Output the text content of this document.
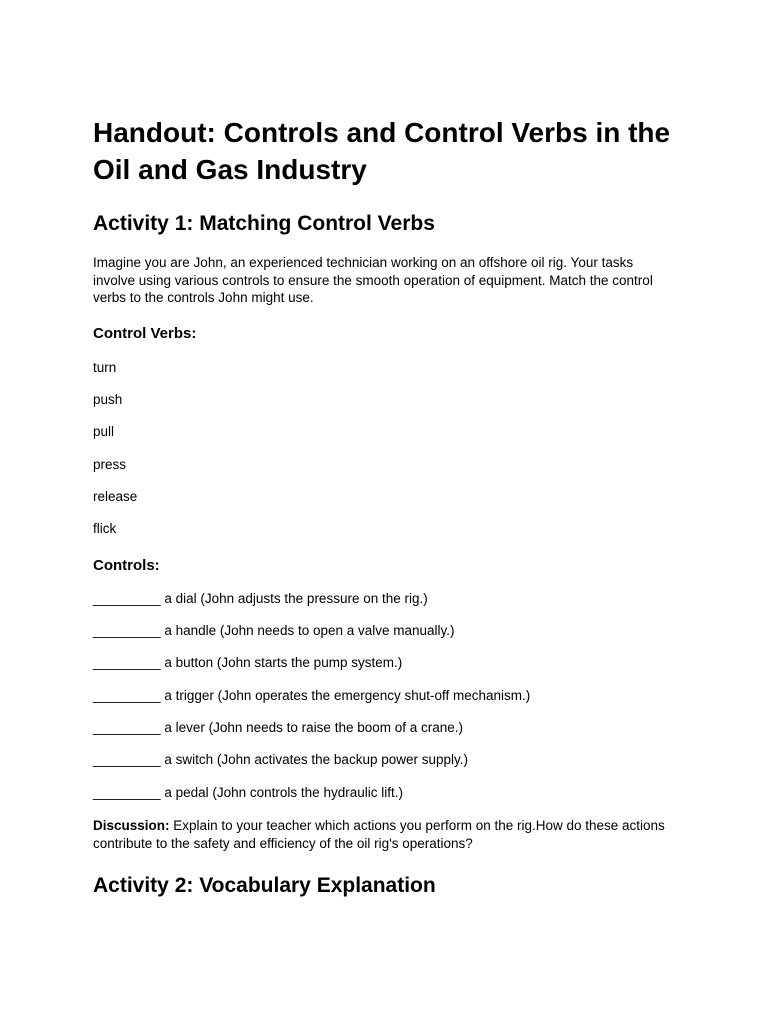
Handout: Controls and Control Verbs in the Oil and Gas Industry
Activity 1: Matching Control Verbs

Imagine you are John, an experienced technician working on an offshore oil rig. Your tasks involve using various controls to ensure the smooth operation of equipment. Match the control verbs to the controls John might use.

Control Verbs:

turn

push

pull

press

release

flick

Controls:

_________ a dial (John adjusts the pressure on the rig.)

_________ a handle (John needs to open a valve manually.)

_________ a button (John starts the pump system.)

_________ a trigger (John operates the emergency shut-off mechanism.)

_________ a lever (John needs to raise the boom of a crane.)

_________ a switch (John activates the backup power supply.)

_________ a pedal (John controls the hydraulic lift.)

Discussion: Explain to your teacher which actions you perform on the rig.How do these actions contribute to the safety and efficiency of the oil rig's operations?

Activity 2: Vocabulary Explanation
